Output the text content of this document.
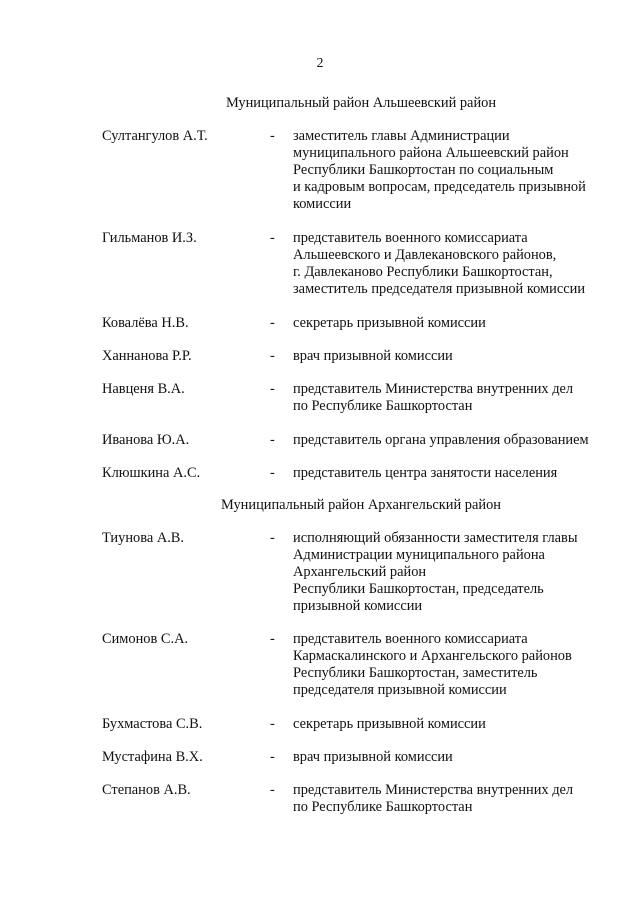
2
Муниципальный район Альшеевский район
Султангулов А.Т.	- заместитель главы Администрации
муниципального района Альшеевский район
Республики Башкортостан по социальным
и кадровым вопросам, председатель призывной
комиссии
Гильманов И.З.	- представитель военного комиссариата
Альшеевского и Давлекановского районов,
г. Давлеканово Республики Башкортостан,
заместитель председателя призывной комиссии
Ковалёва Н.В.	- секретарь призывной комиссии
Ханнанова Р.Р.	- врач призывной комиссии
Навценя В.А.	- представитель Министерства внутренних дел
по Республике Башкортостан
Иванова Ю.А.	- представитель органа управления образованием
Клюшкина А.С.	- представитель центра занятости населения
Муниципальный район Архангельский район
Тиунова А.В.	- исполняющий обязанности заместителя главы
Администрации муниципального района
Архангельский район
Республики Башкортостан, председатель
призывной комиссии
Симонов С.А.	- представитель военного комиссариата
Кармаскалинского и Архангельского районов
Республики Башкортостан, заместитель
председателя призывной комиссии
Бухмастова С.В.	- секретарь призывной комиссии
Мустафина В.Х.	- врач призывной комиссии
Степанов А.В.	- представитель Министерства внутренних дел
по Республике Башкортостан
